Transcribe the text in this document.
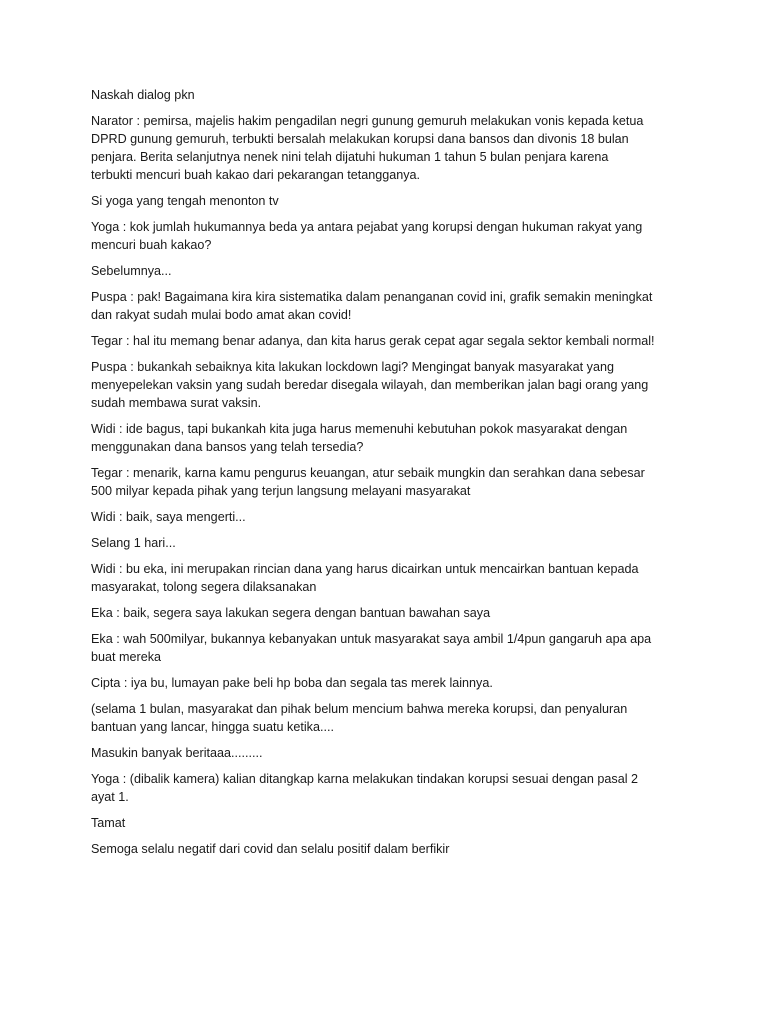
Naskah dialog pkn

Narator : pemirsa, majelis hakim pengadilan negri gunung gemuruh melakukan vonis kepada ketua
DPRD gunung gemuruh, terbukti bersalah melakukan korupsi dana bansos dan divonis 18 bulan
penjara. Berita selanjutnya nenek nini telah dijatuhi hukuman 1 tahun 5 bulan penjara karena
terbukti mencuri buah kakao dari pekarangan tetangganya.

Si yoga yang tengah menonton tv

Yoga : kok jumlah hukumannya beda ya antara pejabat yang korupsi dengan hukuman rakyat yang
mencuri buah kakao?

Sebelumnya...

Puspa : pak! Bagaimana kira kira sistematika dalam penanganan covid ini, grafik semakin meningkat
dan rakyat sudah mulai bodo amat akan covid!

Tegar : hal itu memang benar adanya, dan kita harus gerak cepat agar segala sektor kembali normal!

Puspa : bukankah sebaiknya kita lakukan lockdown lagi? Mengingat banyak masyarakat yang
menyepelekan vaksin yang sudah beredar disegala wilayah, dan memberikan jalan bagi orang yang
sudah membawa surat vaksin.

Widi : ide bagus, tapi bukankah kita juga harus memenuhi kebutuhan pokok masyarakat dengan
menggunakan dana bansos yang telah tersedia?

Tegar : menarik, karna kamu pengurus keuangan, atur sebaik mungkin dan serahkan dana sebesar
500 milyar kepada pihak yang terjun langsung melayani masyarakat

Widi : baik, saya mengerti...

Selang 1 hari...

Widi : bu eka, ini merupakan rincian dana yang harus dicairkan untuk mencairkan bantuan kepada
masyarakat, tolong segera dilaksanakan

Eka : baik, segera saya lakukan segera dengan bantuan bawahan saya

Eka : wah 500milyar, bukannya kebanyakan untuk masyarakat saya ambil 1/4pun gangaruh apa apa
buat mereka

Cipta : iya bu, lumayan pake beli hp boba dan segala tas merek lainnya.

(selama 1 bulan, masyarakat dan pihak belum mencium bahwa mereka korupsi, dan penyaluran
bantuan yang lancar, hingga suatu ketika....

Masukin banyak beritaaa.........

Yoga : (dibalik kamera) kalian ditangkap karna melakukan tindakan korupsi sesuai dengan pasal 2
ayat 1.

Tamat

Semoga selalu negatif dari covid dan selalu positif dalam berfikir
